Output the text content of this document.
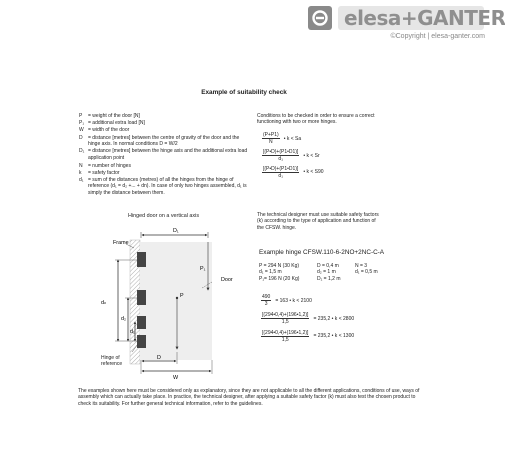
elesa+GANTER
©Copyright | elesa-ganter.com
Example of suitability check
P	= weight of the door [N]
P₁ = additional extra load [N]
W = width of the door
D	= distance [metres] between the centre of gravity of the door and the hinge axis. In normal conditions D = W/2
D₁ = distance [metres] between the hinge axis and the additional extra load application point
N	= number of hinges
k	= safety factor
d₁ = sum of the distances (metres) of all the hinges from the hinge of reference (d₁ = d₂ +... + dn). In case of only two hinges assembled, d₁ is simply the distance between them.
Conditions to be checked in order to ensure a correct functioning with two or more hinges.
$\frac{(P+P1)}{N}$ • k < Sa
$\frac{[(P•D)+(P1•D1)]}{\text{d₁}}$ • k < Sr
$\frac{[(P•D)+(P1•D1)]}{\text{d₁}}$ • k < S90
Hinged door on a vertical axis
Frame
D₁
P₁
Door
P
dₙ
d₂
d₁
D
W
Hinge of reference
The technical designer must use suitable safety factors (k) according to the type of application and function of the CFSW. hinge.
Example hinge CFSW.110-6-2NO+2NC-C-A
P = 294 N (30 Kg)	D = 0,4 m	N = 3
d₁ = 1,5 m	d₂ = 1 m	d₁ = 0,5 m
P₁= 196 N (20 Kg)	D₁ = 1,2 m
$\frac{490}{3} = 163$ • k < 2100
$\frac{[(294•0,4)+(196•1,2)]}{1,5} = 235,2$ • k < 2800
$\frac{[(294•0,4)+(196•1,2)]}{1,5} = 235,2$ • k < 1300
The examples shown here must be considered only as explanatory, since they are not applicable to all the different applications, conditions of use, ways of assembly which can actually take place. In practice, the technical designer, after applying a suitable safety factor (k) must also test the chosen product to check its suitability. For further general technical information, refer to the guidelines.
